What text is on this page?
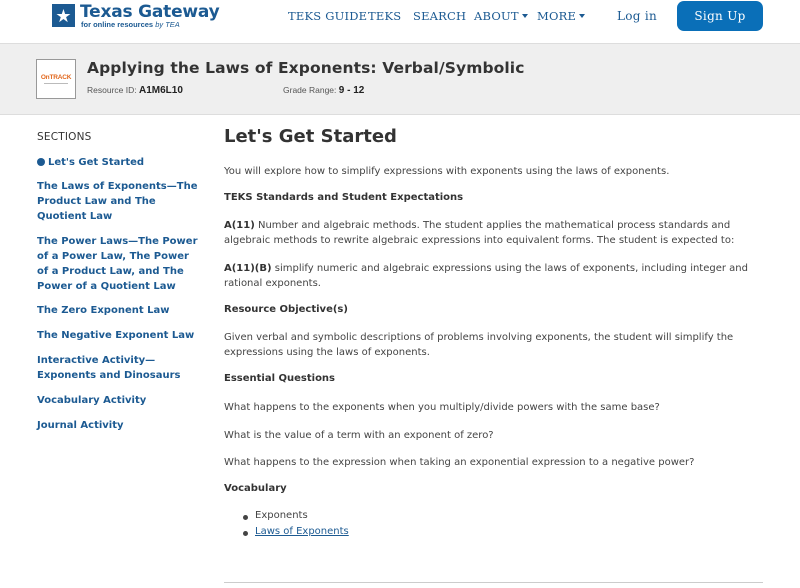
★ Texas Gateway
for online resources by TEA
TEKS GUIDE TEKS SEARCH ABOUT	MORE	Log in	Sign Up
OnTRACK
Applying the Laws of Exponents: Verbal/Symbolic
Resource ID: A1M6L10	Grade Range: 9 - 12
SECTIONS
Let's Get Started
The Laws of Exponents—The Product Law and The Quotient Law
The Power Laws—The Power of a Power Law, The Power of a Product Law, and The Power of a Quotient Law
The Zero Exponent Law
The Negative Exponent Law
Interactive Activity—Exponents and Dinosaurs
Vocabulary Activity
Journal Activity
Let's Get Started
You will explore how to simplify expressions with exponents using the laws of exponents.
TEKS Standards and Student Expectations
A(11) Number and algebraic methods. The student applies the mathematical process standards and algebraic methods to rewrite algebraic expressions into equivalent forms. The student is expected to:
A(11)(B) simplify numeric and algebraic expressions using the laws of exponents, including integer and rational exponents.
Resource Objective(s)
Given verbal and symbolic descriptions of problems involving exponents, the student will simplify the expressions using the laws of exponents.
Essential Questions
What happens to the exponents when you multiply/divide powers with the same base?
What is the value of a term with an exponent of zero?
What happens to the expression when taking an exponential expression to a negative power?
Vocabulary
Exponents
Laws of Exponents
